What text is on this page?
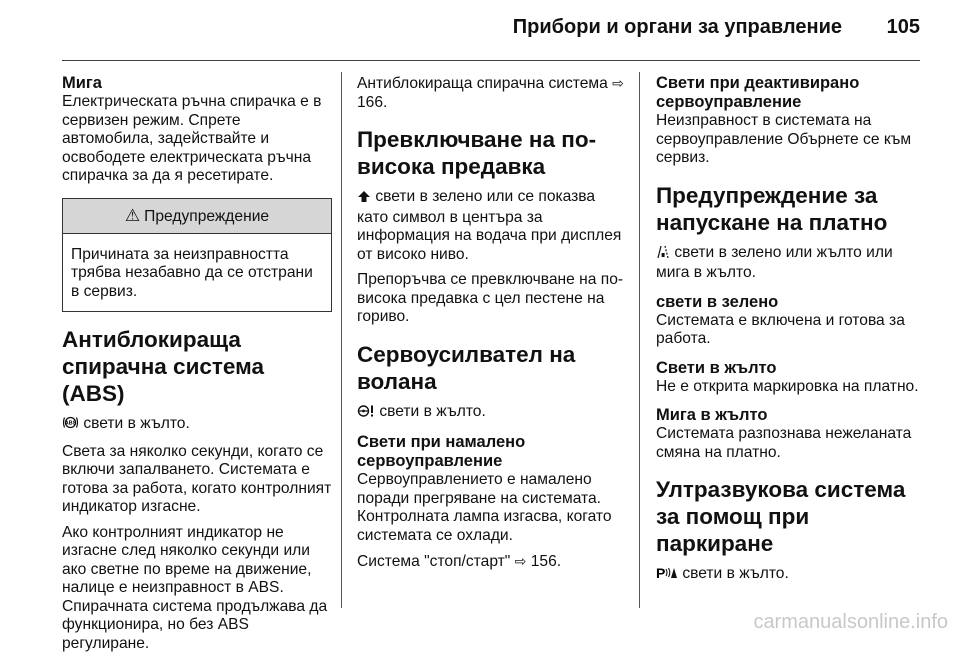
Прибори и органи за управление 105
Мига

Електрическата ръчна спирачка е в сервизен режим. Спрете автомобила, задействайте и освободете електрическата ръчна спирачка за да я ресетирате.

⚠ Предупреждение
Причината за неизправността трябва незабавно да се отстрани в сервиз.
Антиблокираща спирачна система (ABS)

ABS свети в жълто.

Света за няколко секунди, когато се включи запалването. Системата е готова за работа, когато контролният индикатор изгасне.

Ако контролният индикатор не изгасне след няколко секунди или ако светне по време на движение, налице е неизправност в ABS. Спирачната система продължава да функционира, но без ABS регулиране.

Антиблокираща спирачна система ⇨ 166.

Превключване на по-висока предавка

свети в зелено или се показва като символ в центъра за информация на водача при дисплея от високо ниво.

Препоръчва се превключване на по-висока предавка с цел пестене на гориво.

Сервоусилвател на волана

свети в жълто.

Свети при намалено сервоуправление

Сервоуправлението е намалено поради прегряване на системата. Контролната лампа изгасва, когато системата се охлади.

Система "стоп/старт" ⇨ 156.

Свети при деактивирано сервоуправление

Неизправност в системата на сервоуправление Обърнете се към сервиз.

Предупреждение за напускане на платно

свети в зелено или жълто или мига в жълто.

свети в зелено

Системата е включена и готова за работа.

Свети в жълто

Не е открита маркировка на платно.

Мига в жълто

Системата разпознава нежеланата смяна на платно.

Ултразвукова система за помощ при паркиране

P свети в жълто.

carmanualsonline.info
